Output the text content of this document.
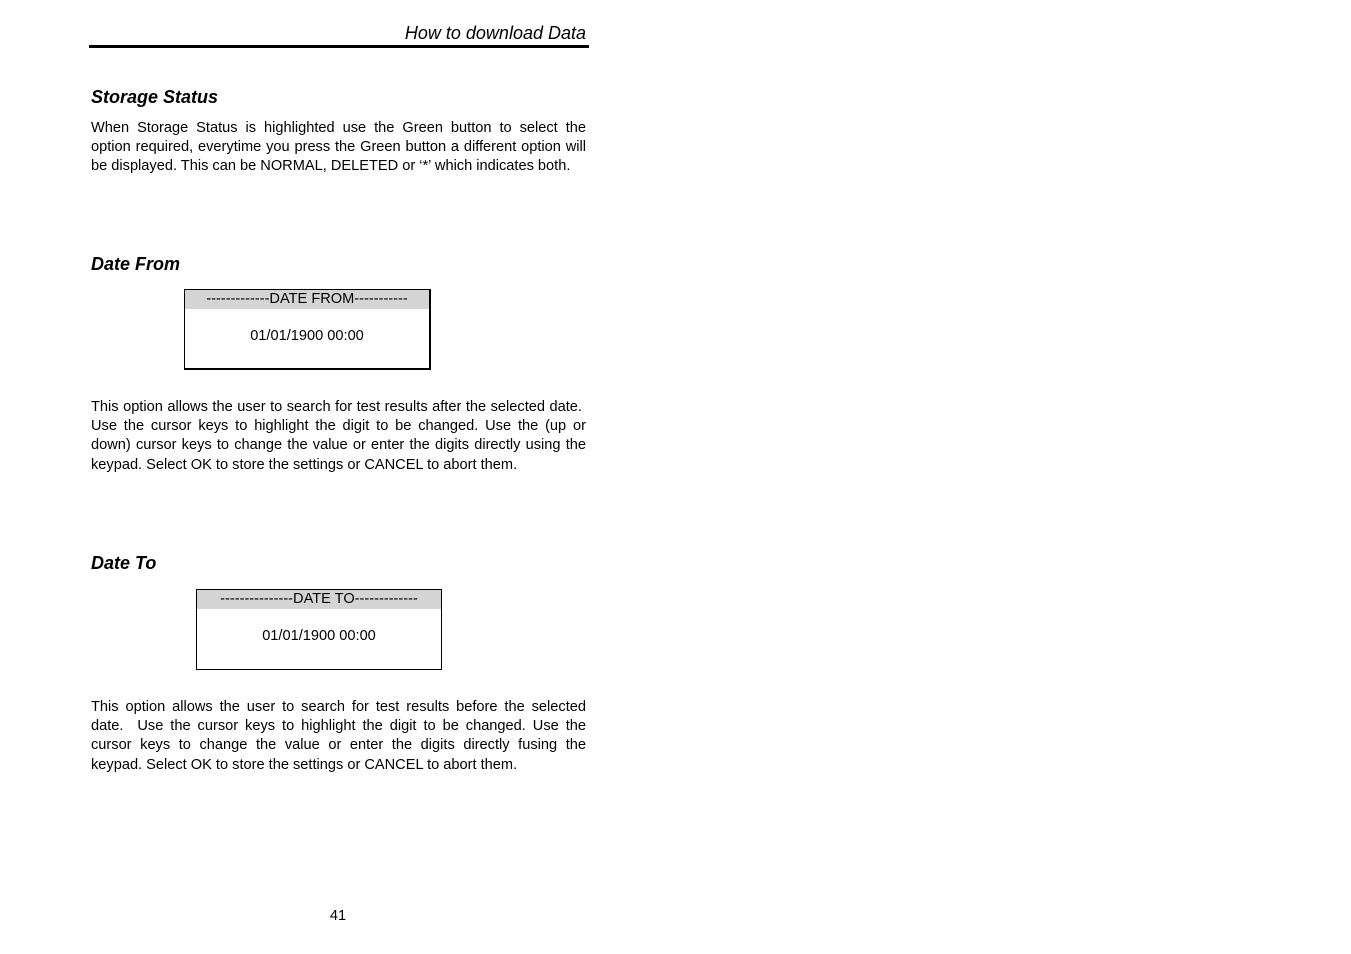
How to download Data
Storage Status
When Storage Status is highlighted use the Green button to select the option required, everytime you press the Green button a different option will be displayed. This can be NORMAL, DELETED or ‘*’ which indicates both.
Date From
-------------DATE FROM-----------
01/01/1900 00:00
This option allows the user to search for test results after the selected date.  Use the cursor keys to highlight the digit to be changed. Use the (up or down) cursor keys to change the value or enter the digits directly using the keypad. Select OK to store the settings or CANCEL to abort them.
Date To
---------------DATE TO-------------
01/01/1900 00:00
This option allows the user to search for test results before the selected date.  Use the cursor keys to highlight the digit to be changed. Use the cursor keys to change the value or enter the digits directly fusing the keypad. Select OK to store the settings or CANCEL to abort them.
41
